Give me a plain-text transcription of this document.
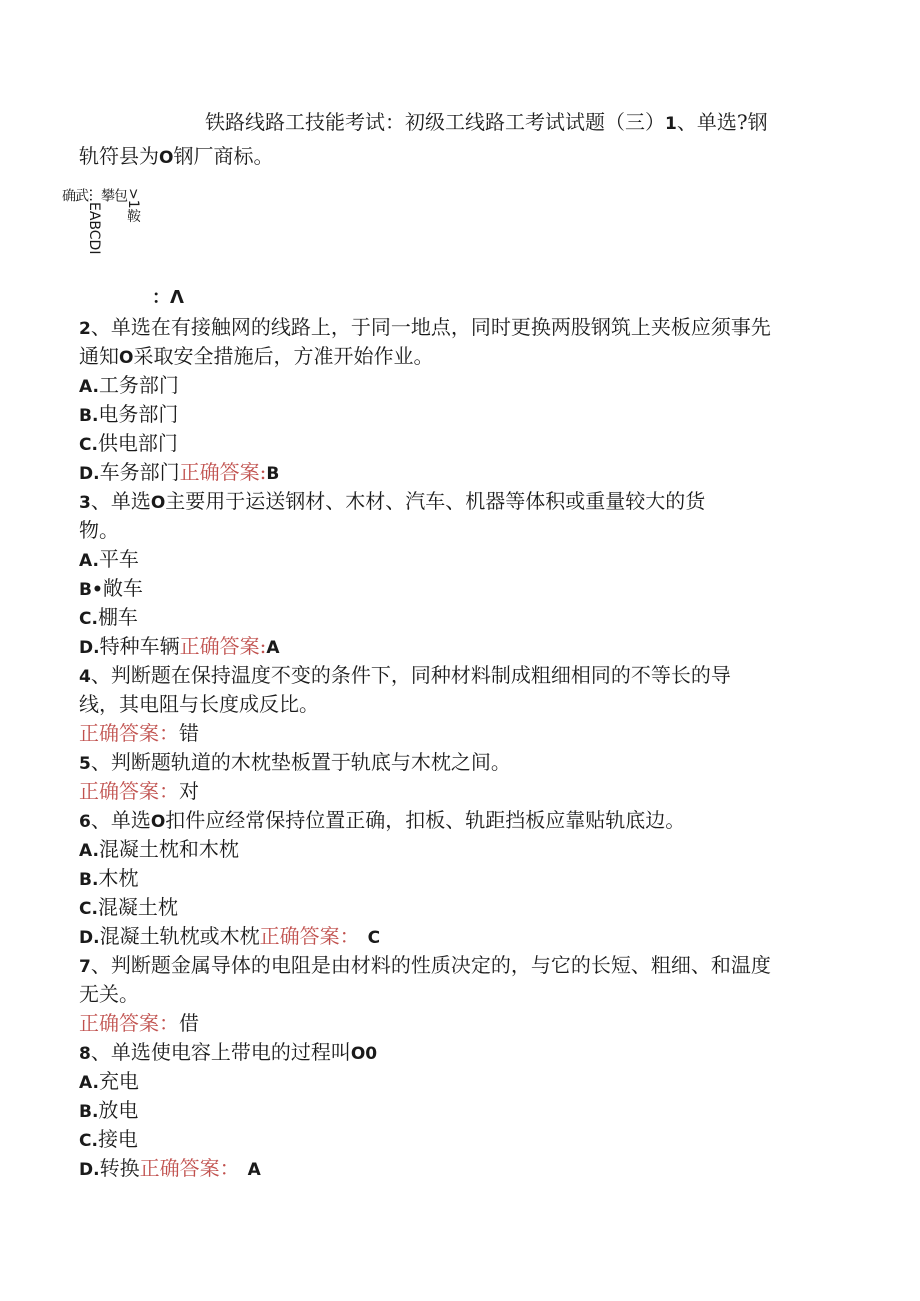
铁路线路工技能考试：初级工线路工考试试题（三）1、单选?钢
轨符县为O钢厂商标。
>1鞍
包
攀
…EABCDI
武
确
：Λ
2、单选在有接触网的线路上，于同一地点，同时更换两股钢筑上夹板应须事先
通知O采取安全措施后，方准开始作业。
A.工务部门
B.电务部门
C.供电部门
D.车务部门正确答案:B
3、单选O主要用于运送钢材、木材、汽车、机器等体积或重量较大的货
物。
A.平车
B•敞车
C.棚车
D.特种车辆正确答案:A
4、判断题在保持温度不变的条件下，同种材料制成粗细相同的不等长的导
线，其电阻与长度成反比。
正确答案：错
5、判断题轨道的木枕垫板置于轨底与木枕之间。
正确答案：对
6、单选O扣件应经常保持位置正确，扣板、轨距挡板应靠贴轨底边。
A.混凝土枕和木枕
B.木枕
C.混凝土枕
D.混凝土轨枕或木枕正确答案： C
7、判断题金属导体的电阻是由材料的性质决定的，与它的长短、粗细、和温度
无关。
正确答案：借
8、单选使电容上带电的过程叫O0
A.充电
B.放电
C.接电
D.转换正确答案： A
